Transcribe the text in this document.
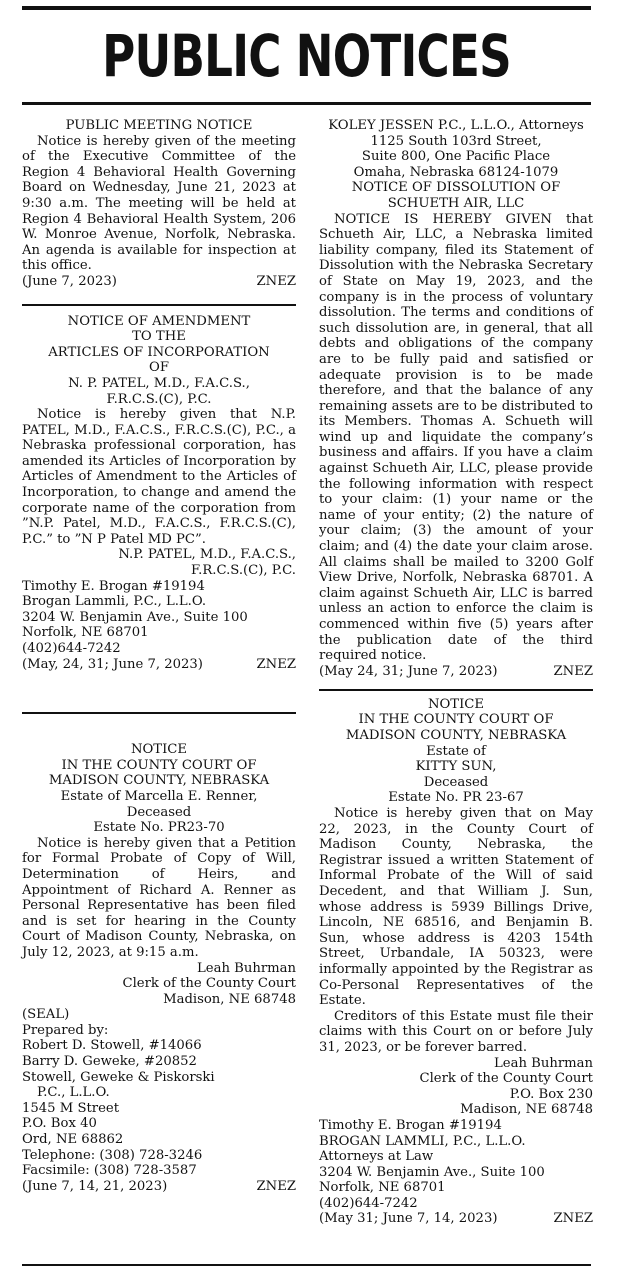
PUBLIC NOTICES
PUBLIC MEETING NOTICE

Notice is hereby given of the meeting of the Executive Committee of the Region 4 Behavioral Health Governing Board on Wednesday, June 21, 2023 at 9:30 a.m. The meeting will be held at Region 4 Behavioral Health System, 206 W. Monroe Avenue, Norfolk, Nebraska. An agenda is available for inspection at this office.

(June 7, 2023)	ZNEZ
NOTICE OF AMENDMENT
TO THE
ARTICLES OF INCORPORATION
OF
N. P. PATEL, M.D., F.A.C.S.,
F.R.C.S.(C), P.C.

Notice is hereby given that N.P. PATEL, M.D., F.A.C.S., F.R.C.S.(C), P.C., a Nebraska professional corporation, has amended its Articles of Incorporation by Articles of Amendment to the Articles of Incorporation, to change and amend the corporate name of the corporation from ”N.P. Patel, M.D., F.A.C.S., F.R.C.S.(C), P.C.” to ”N P Patel MD PC”.

N.P. PATEL, M.D., F.A.C.S.,
F.R.C.S.(C), P.C.
Timothy E. Brogan #19194
Brogan Lammli, P.C., L.L.O.
3204 W. Benjamin Ave., Suite 100
Norfolk, NE 68701
(402)644-7242
(May, 24, 31; June 7, 2023)	ZNEZ
NOTICE
IN THE COUNTY COURT OF
MADISON COUNTY, NEBRASKA
Estate of Marcella E. Renner,
Deceased
Estate No. PR23-70

Notice is hereby given that a Petition for Formal Probate of Copy of Will, Determination of Heirs, and Appointment of Richard A. Renner as Personal Representative has been filed and is set for hearing in the County Court of Madison County, Nebraska, on July 12, 2023, at 9:15 a.m.

Leah Buhrman
Clerk of the County Court
Madison, NE 68748
(SEAL)
Prepared by:
Robert D. Stowell, #14066
Barry D. Geweke, #20852
Stowell, Geweke & Piskorski
P.C., L.L.O.
1545 M Street
P.O. Box 40
Ord, NE 68862
Telephone: (308) 728-3246
Facsimile: (308) 728-3587
(June 7, 14, 21, 2023)	ZNEZ
KOLEY JESSEN P.C., L.L.O., Attorneys
1125 South 103rd Street,
Suite 800, One Pacific Place
Omaha, Nebraska 68124-1079
NOTICE OF DISSOLUTION OF
SCHUETH AIR, LLC

NOTICE IS HEREBY GIVEN that Schueth Air, LLC, a Nebraska limited liability company, filed its Statement of Dissolution with the Nebraska Secretary of State on May 19, 2023, and the company is in the process of voluntary dissolution. The terms and conditions of such dissolution are, in general, that all debts and obligations of the company are to be fully paid and satisfied or adequate provision is to be made therefore, and that the balance of any remaining assets are to be distributed to its Members. Thomas A. Schueth will wind up and liquidate the company’s business and affairs. If you have a claim against Schueth Air, LLC, please provide the following information with respect to your claim: (1) your name or the name of your entity; (2) the nature of your claim; (3) the amount of your claim; and (4) the date your claim arose. All claims shall be mailed to 3200 Golf View Drive, Norfolk, Nebraska 68701. A claim against Schueth Air, LLC is barred unless an action to enforce the claim is commenced within five (5) years after the publication date of the third required notice.

(May 24, 31; June 7, 2023)	ZNEZ
NOTICE
IN THE COUNTY COURT OF
MADISON COUNTY, NEBRASKA
Estate of
KITTY SUN,
Deceased
Estate No. PR 23-67

Notice is hereby given that on May 22, 2023, in the County Court of Madison County, Nebraska, the Registrar issued a written Statement of Informal Probate of the Will of said Decedent, and that William J. Sun, whose address is 5939 Billings Drive, Lincoln, NE 68516, and Benjamin B. Sun, whose address is 4203 154th Street, Urbandale, IA 50323, were informally appointed by the Registrar as Co-Personal Representatives of the Estate.

Creditors of this Estate must file their claims with this Court on or before July 31, 2023, or be forever barred.

Leah Buhrman
Clerk of the County Court
P.O. Box 230
Madison, NE 68748
Timothy E. Brogan #19194
BROGAN LAMMLI, P.C., L.L.O.
Attorneys at Law
3204 W. Benjamin Ave., Suite 100
Norfolk, NE 68701
(402)644-7242
(May 31; June 7, 14, 2023)	ZNEZ
